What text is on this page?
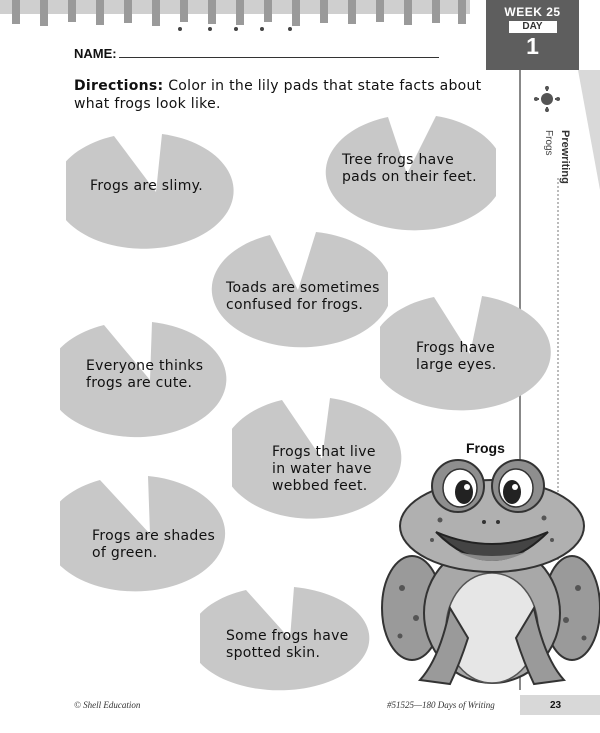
WEEK 25
DAY
1
Prewriting
Frogs
NAME:
Directions: Color in the lily pads that state facts about what frogs look like.
Frogs are slimy.
Tree frogs have
pads on their feet.
Toads are sometimes
confused for frogs.
Frogs have
large eyes.
Everyone thinks
frogs are cute.
Frogs that live
in water have
webbed feet.
Frogs are shades
of green.
Some frogs have
spotted skin.
Frogs
© Shell Education	#51525—180 Days of Writing	23
